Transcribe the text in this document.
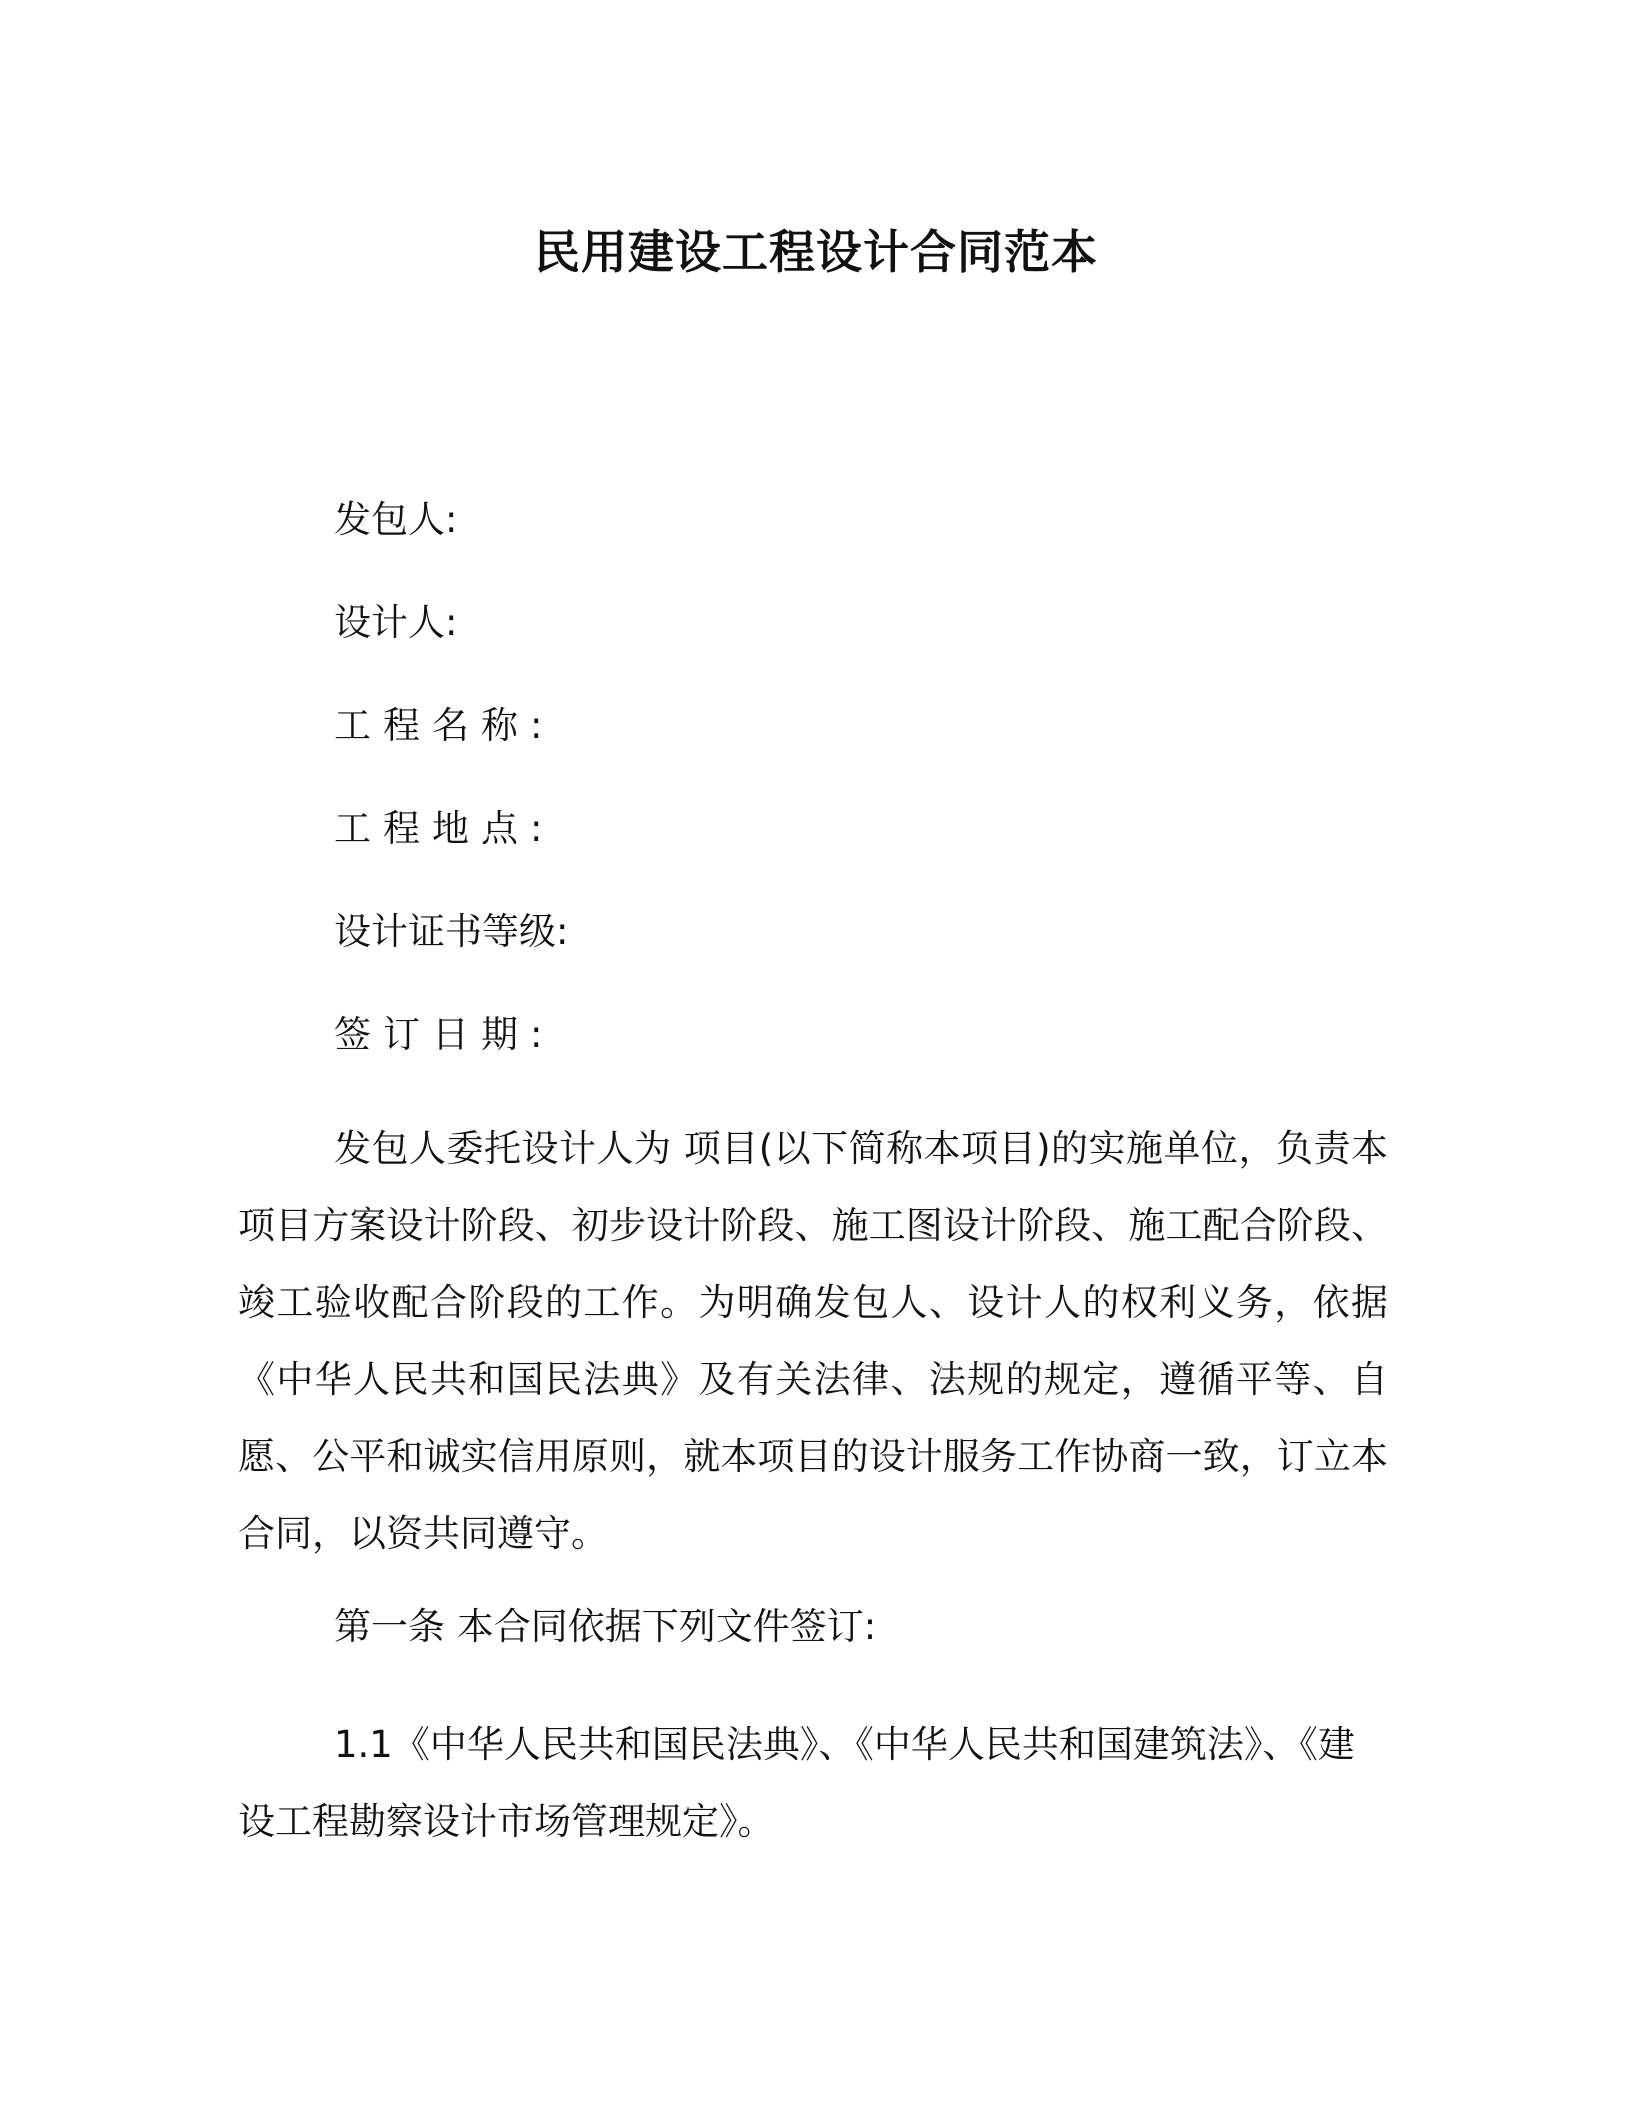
民用建设工程设计合同范本
发包人:
设计人:
工程名称:
工程地点:
设计证书等级:
签订日期:

发包人委托设计人为 项目(以下简称本项目)的实施单位，负责本项目方案设计阶段、初步设计阶段、施工图设计阶段、施工配合阶段、竣工验收配合阶段的工作。为明确发包人、设计人的权利义务，依据《中华人民共和国民法典》及有关法律、法规的规定，遵循平等、自愿、公平和诚实信用原则，就本项目的设计服务工作协商一致，订立本合同，以资共同遵守。

第一条 本合同依据下列文件签订:

1.1《中华人民共和国民法典》、《中华人民共和国建筑法》、《建设工程勘察设计市场管理规定》。
